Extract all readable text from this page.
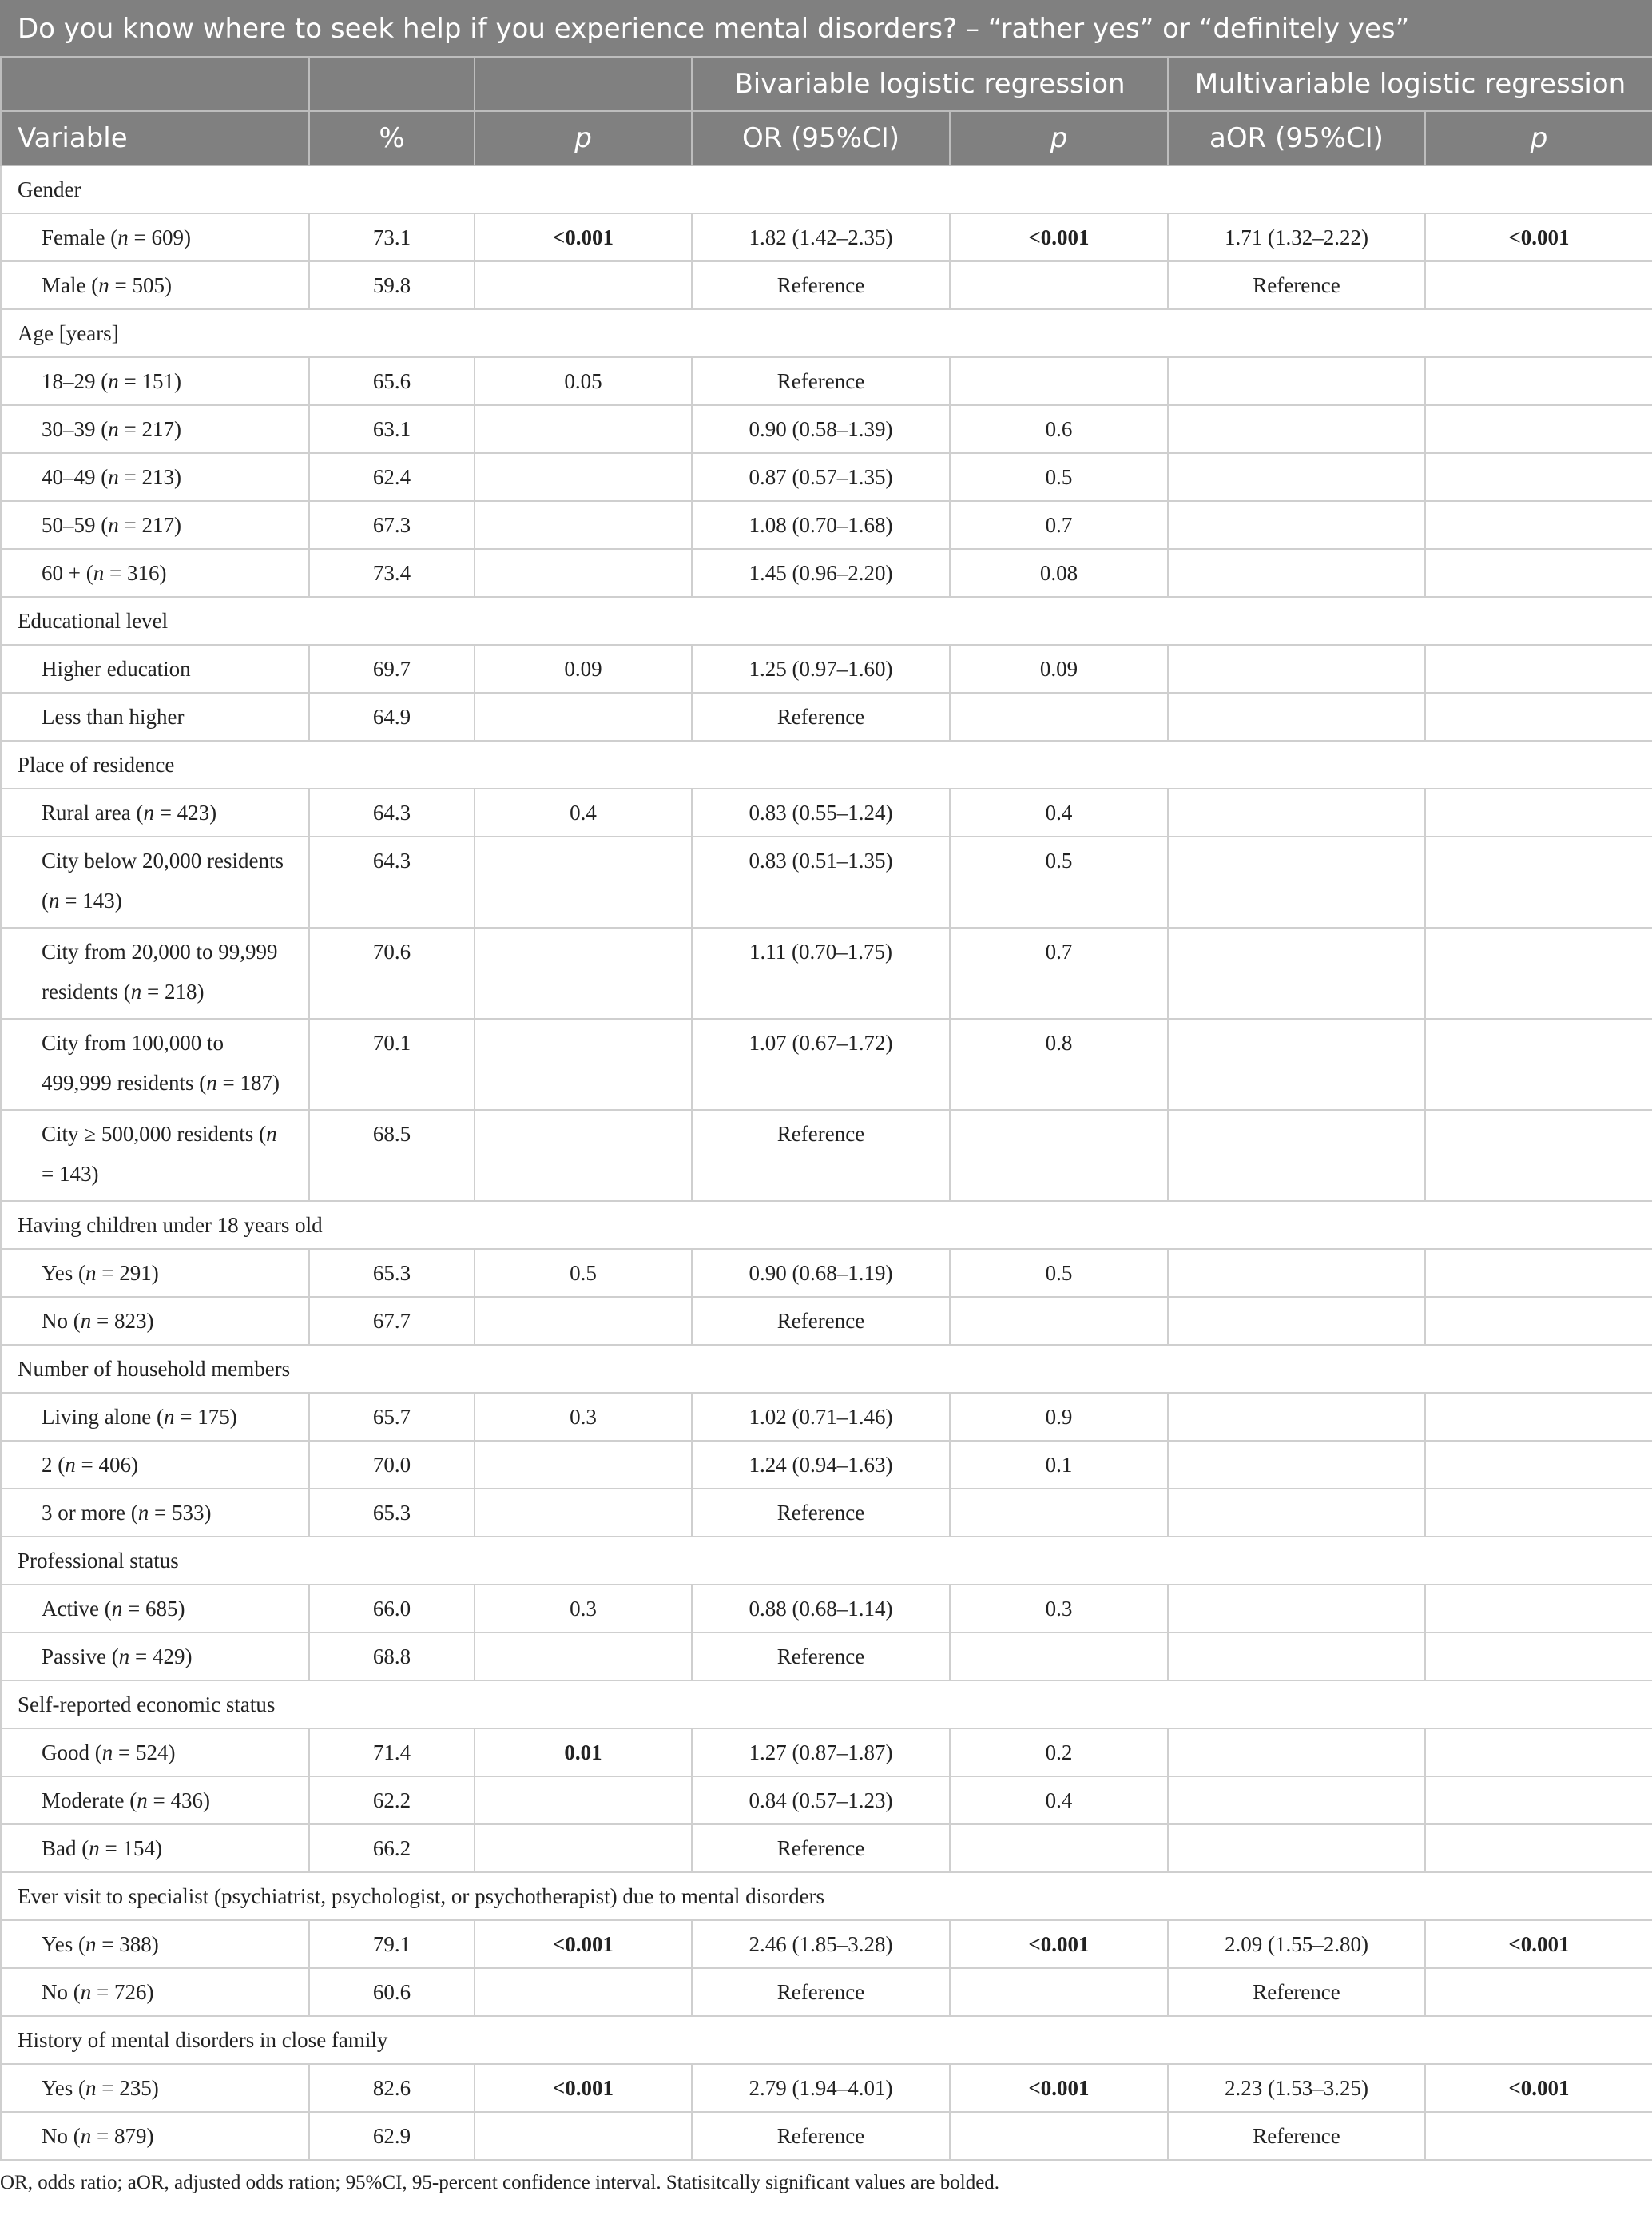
Do you know where to seek help if you experience mental disorders? – “rather yes” or “definitely yes”						
			Bivariable logistic regression		Multivariable logistic regression	
Variable	%	p	OR (95%CI)	p	aOR (95%CI)	p
Gender						
Female (n = 609)	73.1	<0.001	1.82 (1.42–2.35)	<0.001	1.71 (1.32–2.22)	<0.001
Male (n = 505)	59.8		Reference		Reference	
Age [years]						
18–29 (n = 151)	65.6	0.05	Reference			
30–39 (n = 217)	63.1		0.90 (0.58–1.39)	0.6		
40–49 (n = 213)	62.4		0.87 (0.57–1.35)	0.5		
50–59 (n = 217)	67.3		1.08 (0.70–1.68)	0.7		
60 + (n = 316)	73.4		1.45 (0.96–2.20)	0.08		
Educational level						
Higher education	69.7	0.09	1.25 (0.97–1.60)	0.09		
Less than higher	64.9		Reference			
Place of residence						
Rural area (n = 423)	64.3	0.4	0.83 (0.55–1.24)	0.4		
City below 20,000 residents (n = 143)	64.3		0.83 (0.51–1.35)	0.5		
City from 20,000 to 99,999 residents (n = 218)	70.6		1.11 (0.70–1.75)	0.7		
City from 100,000 to 499,999 residents (n = 187)	70.1		1.07 (0.67–1.72)	0.8		
City ≥ 500,000 residents (n = 143)	68.5		Reference			
Having children under 18 years old						
Yes (n = 291)	65.3	0.5	0.90 (0.68–1.19)	0.5		
No (n = 823)	67.7		Reference			
Number of household members						
Living alone (n = 175)	65.7	0.3	1.02 (0.71–1.46)	0.9		
2 (n = 406)	70.0		1.24 (0.94–1.63)	0.1		
3 or more (n = 533)	65.3		Reference			
Professional status						
Active (n = 685)	66.0	0.3	0.88 (0.68–1.14)	0.3		
Passive (n = 429)	68.8		Reference			
Self-reported economic status						
Good (n = 524)	71.4	0.01	1.27 (0.87–1.87)	0.2		
Moderate (n = 436)	62.2		0.84 (0.57–1.23)	0.4		
Bad (n = 154)	66.2		Reference			
Ever visit to specialist (psychiatrist, psychologist, or psychotherapist) due to mental disorders						
Yes (n = 388)	79.1	<0.001	2.46 (1.85–3.28)	<0.001	2.09 (1.55–2.80)	<0.001
No (n = 726)	60.6		Reference		Reference	
History of mental disorders in close family						
Yes (n = 235)	82.6	<0.001	2.79 (1.94–4.01)	<0.001	2.23 (1.53–3.25)	<0.001
No (n = 879)	62.9		Reference		Reference	
OR, odds ratio; aOR, adjusted odds ration; 95%CI, 95-percent confidence interval. Statisitcally significant values are bolded.
